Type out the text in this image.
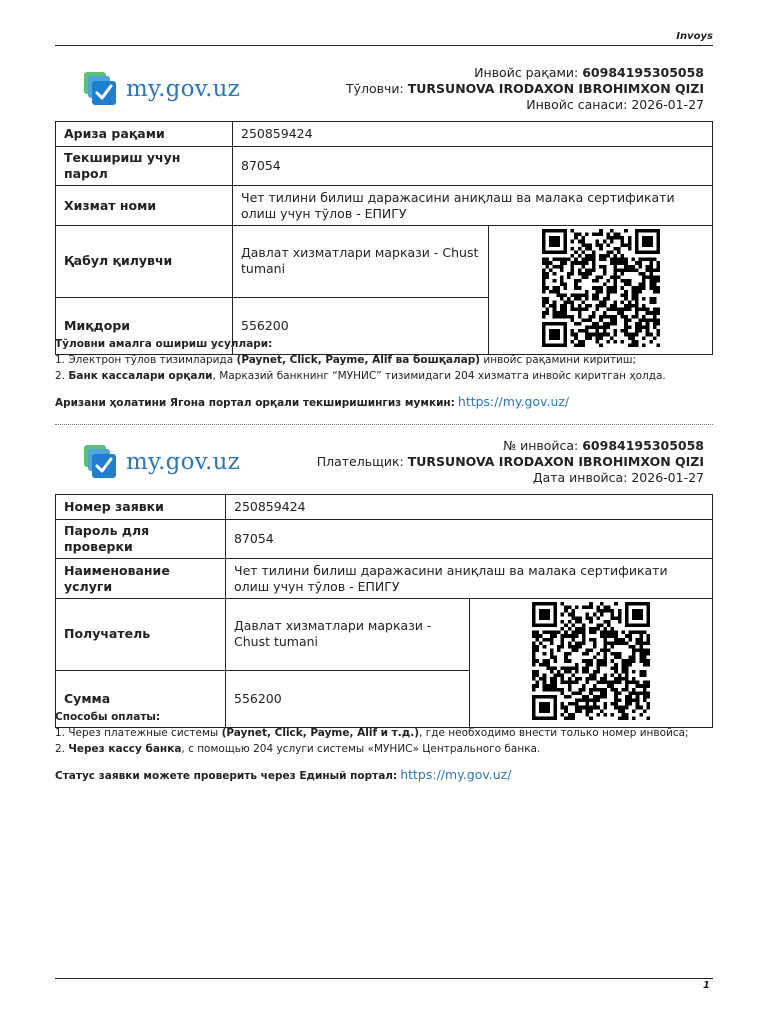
Invoys
my.gov.uz
Инвойс рақами: 60984195305058
Тўловчи: TURSUNOVA IRODAXON IBROHIMXON QIZI
Инвойс санаси: 2026-01-27
Ариза рақами	250859424	
Текшириш учун парол	87054	
Хизмат номи	Чет тилини билиш даражасини аниқлаш ва малака сертификати олиш учун тўлов - ЕПИГУ	
Қабул қилувчи	Давлат хизматлари маркази - Chust tumani	
Миқдори	556200	
Тўловни амалга ошириш усуллари:
1. Электрон тўлов тизимларида (Paynet, Click, Payme, Alif ва бошқалар) инвойс рақамини киритиш;
2. Банк кассалари орқали, Марказий банкнинг “МУНИС” тизимидаги 204 хизматга инвойс киритган ҳолда.
Аризани ҳолатини Ягона портал орқали текширишингиз мумкин: https://my.gov.uz/
my.gov.uz
№ инвойса: 60984195305058
Плательщик: TURSUNOVA IRODAXON IBROHIMXON QIZI
Дата инвойса: 2026-01-27
Номер заявки	250859424	
Пароль для проверки	87054	
Наименование услуги	Чет тилини билиш даражасини аниқлаш ва малака сертификати олиш учун тўлов - ЕПИГУ	
Получатель	Давлат хизматлари маркази - Chust tumani	
Сумма	556200	
Способы оплаты:
1. Через платежные системы (Paynet, Click, Payme, Alif и т.д.), где необходимо внести только номер инвойса;
2. Через кассу банка, с помощью 204 услуги системы «МУНИС» Центрального банка.
Статус заявки можете проверить через Единый портал: https://my.gov.uz/
1
